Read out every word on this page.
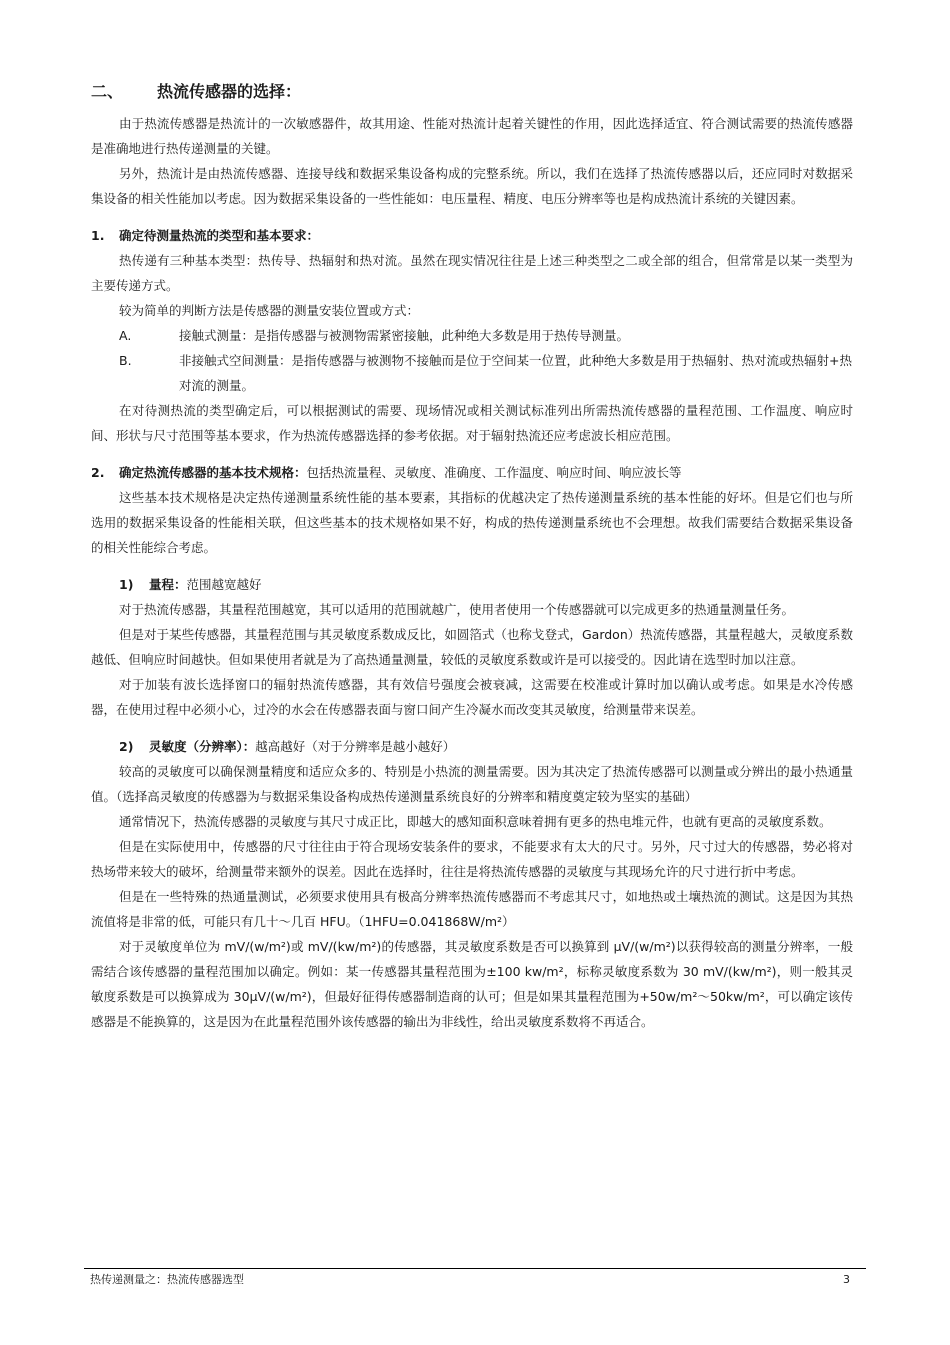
二、 热流传感器的选择：

由于热流传感器是热流计的一次敏感器件，故其用途、性能对热流计起着关键性的作用，因此选择适宜、符合测试需要的热流传感器是准确地进行热传递测量的关键。

另外，热流计是由热流传感器、连接导线和数据采集设备构成的完整系统。所以，我们在选择了热流传感器以后，还应同时对数据采集设备的相关性能加以考虑。因为数据采集设备的一些性能如：电压量程、精度、电压分辨率等也是构成热流计系统的关键因素。

1. 确定待测量热流的类型和基本要求：

热传递有三种基本类型：热传导、热辐射和热对流。虽然在现实情况往往是上述三种类型之二或全部的组合，但常常是以某一类型为主要传递方式。

较为简单的判断方法是传感器的测量安装位置或方式：

A.	接触式测量：是指传感器与被测物需紧密接触，此种绝大多数是用于热传导测量。
B.	非接触式空间测量：是指传感器与被测物不接触而是位于空间某一位置，此种绝大多数是用于热辐射、热对流或热辐射+热对流的测量。

在对待测热流的类型确定后，可以根据测试的需要、现场情况或相关测试标准列出所需热流传感器的量程范围、工作温度、响应时间、形状与尺寸范围等基本要求，作为热流传感器选择的参考依据。对于辐射热流还应考虑波长相应范围。

2. 确定热流传感器的基本技术规格：包括热流量程、灵敏度、准确度、工作温度、响应时间、响应波长等

这些基本技术规格是决定热传递测量系统性能的基本要素，其指标的优越决定了热传递测量系统的基本性能的好坏。但是它们也与所选用的数据采集设备的性能相关联，但这些基本的技术规格如果不好，构成的热传递测量系统也不会理想。故我们需要结合数据采集设备的相关性能综合考虑。

1) 量程：范围越宽越好

对于热流传感器，其量程范围越宽，其可以适用的范围就越广，使用者使用一个传感器就可以完成更多的热通量测量任务。

但是对于某些传感器，其量程范围与其灵敏度系数成反比，如圆箔式（也称戈登式，Gardon）热流传感器，其量程越大，灵敏度系数越低、但响应时间越快。但如果使用者就是为了高热通量测量，较低的灵敏度系数或许是可以接受的。因此请在选型时加以注意。

对于加装有波长选择窗口的辐射热流传感器，其有效信号强度会被衰减，这需要在校准或计算时加以确认或考虑。如果是水冷传感器，在使用过程中必须小心，过冷的水会在传感器表面与窗口间产生冷凝水而改变其灵敏度，给测量带来误差。

2) 灵敏度（分辨率）：越高越好（对于分辨率是越小越好）

较高的灵敏度可以确保测量精度和适应众多的、特别是小热流的测量需要。因为其决定了热流传感器可以测量或分辨出的最小热通量值。（选择高灵敏度的传感器为与数据采集设备构成热传递测量系统良好的分辨率和精度奠定较为坚实的基础）

通常情况下，热流传感器的灵敏度与其尺寸成正比，即越大的感知面积意味着拥有更多的热电堆元件，也就有更高的灵敏度系数。

但是在实际使用中，传感器的尺寸往往由于符合现场安装条件的要求，不能要求有太大的尺寸。另外，尺寸过大的传感器，势必将对热场带来较大的破坏，给测量带来额外的误差。因此在选择时，往往是将热流传感器的灵敏度与其现场允许的尺寸进行折中考虑。

但是在一些特殊的热通量测试，必须要求使用具有极高分辨率热流传感器而不考虑其尺寸，如地热或土壤热流的测试。这是因为其热流值将是非常的低，可能只有几十～几百 HFU。（1HFU=0.041868W/m²）

对于灵敏度单位为 mV/(w/m²)或 mV/(kw/m²)的传感器，其灵敏度系数是否可以换算到 μV/(w/m²)以获得较高的测量分辨率，一般需结合该传感器的量程范围加以确定。例如：某一传感器其量程范围为±100 kw/m²，标称灵敏度系数为 30 mV/(kw/m²)，则一般其灵敏度系数是可以换算成为 30μV/(w/m²)，但最好征得传感器制造商的认可；但是如果其量程范围为+50w/m²～50kw/m²，可以确定该传感器是不能换算的，这是因为在此量程范围外该传感器的输出为非线性，给出灵敏度系数将不再适合。

热传递测量之：热流传感器选型	3
